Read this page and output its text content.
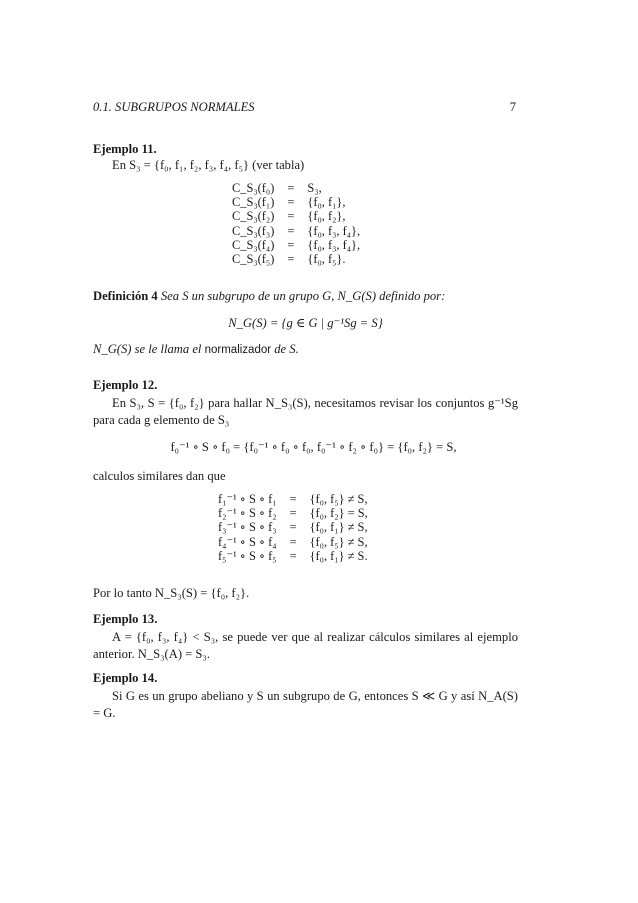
0.1. SUBGRUPOS NORMALES	7
Ejemplo 11.
En S₃ = {f₀, f₁, f₂, f₃, f₄, f₅} (ver tabla)
C_S₃(f₀)	=	S₃,
C_S₃(f₁)	=	{f₀, f₁},
C_S₃(f₂)	=	{f₀, f₂},
C_S₃(f₃)	=	{f₀, f₃, f₄},
C_S₃(f₄)	=	{f₀, f₃, f₄},
C_S₃(f₅)	=	{f₀, f₅}.
Definición 4 Sea S un subgrupo de un grupo G, N_G(S) definido por:
N_G(S) = {g ∈ G | g⁻¹Sg = S}
N_G(S) se le llama el normalizador de S.
Ejemplo 12.
En S₃, S = {f₀, f₂} para hallar N_S₃(S), necesitamos revisar los conjuntos g⁻¹Sg para cada g elemento de S₃
f₀⁻¹ ∘ S ∘ f₀ = {f₀⁻¹ ∘ f₀ ∘ f₀, f₀⁻¹ ∘ f₂ ∘ f₀} = {f₀, f₂} = S,
calculos similares dan que
f₁⁻¹ ∘ S ∘ f₁	=	{f₀, f₅} ≠ S,
f₂⁻¹ ∘ S ∘ f₂	=	{f₀, f₂} = S,
f₃⁻¹ ∘ S ∘ f₃	=	{f₀, f₁} ≠ S,
f₄⁻¹ ∘ S ∘ f₄	=	{f₀, f₅} ≠ S,
f₅⁻¹ ∘ S ∘ f₅	=	{f₀, f₁} ≠ S.
Por lo tanto N_S₃(S) = {f₀, f₂}.
Ejemplo 13.
A = {f₀, f₃, f₄} < S₃, se puede ver que al realizar cálculos similares al ejemplo anterior. N_S₃(A) = S₃.
Ejemplo 14.
Si G es un grupo abeliano y S un subgrupo de G, entonces S ≪ G y así N_A(S) = G.
